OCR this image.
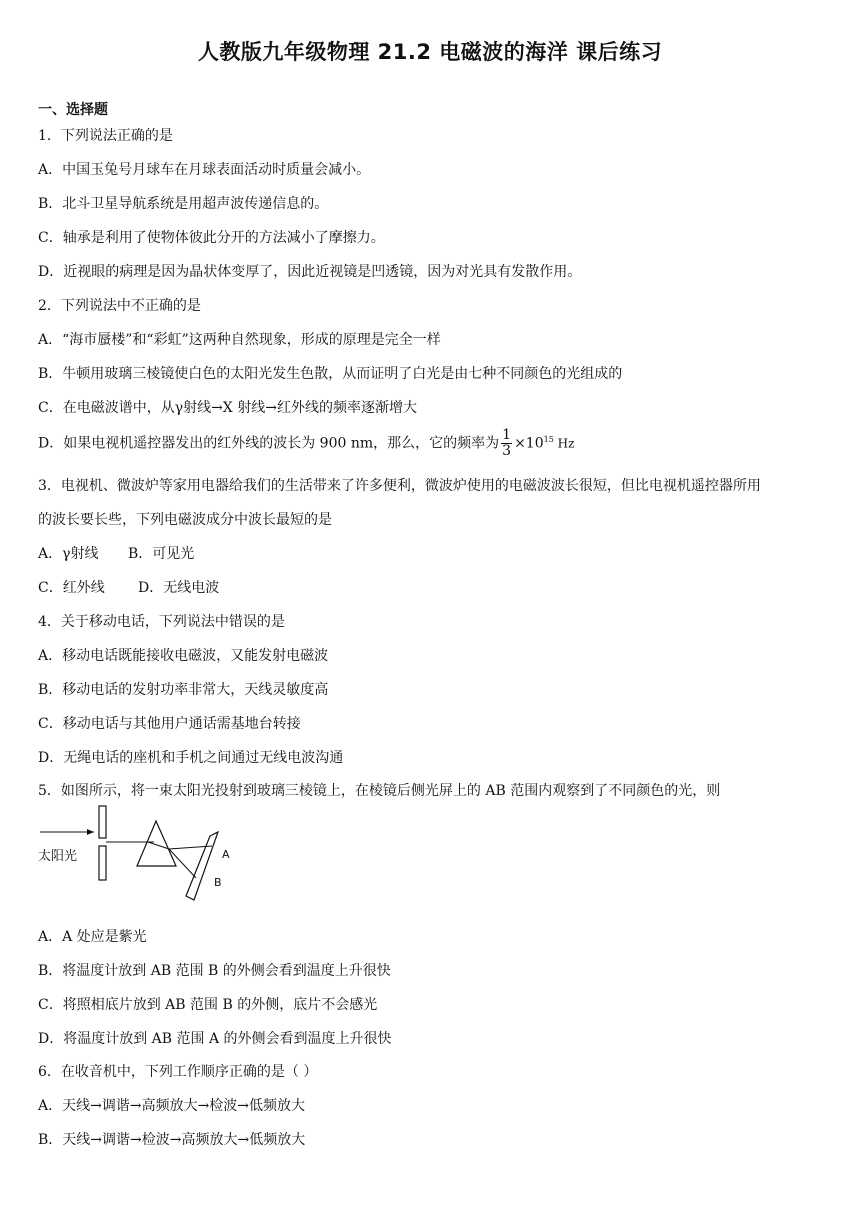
人教版九年级物理 21.2 电磁波的海洋 课后练习
一、选择题
1．下列说法正确的是
A．中国玉兔号月球车在月球表面活动时质量会减小。
B．北斗卫星导航系统是用超声波传递信息的。
C．轴承是利用了使物体彼此分开的方法减小了摩擦力。
D．近视眼的病理是因为晶状体变厚了，因此近视镜是凹透镜，因为对光具有发散作用。
2．下列说法中不正确的是
A．“海市蜃楼”和“彩虹”这两种自然现象，形成的原理是完全一样
B．牛顿用玻璃三棱镜使白色的太阳光发生色散，从而证明了白光是由七种不同颜色的光组成的
C．在电磁波谱中，从γ射线→X 射线→红外线的频率逐渐增大
D．如果电视机遥控器发出的红外线的波长为 900 nm，那么，它的频率为 $\frac{1}{3} \times 10^{15}$ Hz
3．电视机、微波炉等家用电器给我们的生活带来了许多便利，微波炉使用的电磁波波长很短，但比电视机遥控器所用
的波长要长些，下列电磁波成分中波长最短的是
A．γ射线 B．可见光
C．红外线 D．无线电波
4．关于移动电话，下列说法中错误的是
A．移动电话既能接收电磁波，又能发射电磁波
B．移动电话的发射功率非常大，天线灵敏度高
C．移动电话与其他用户通话需基地台转接
D．无绳电话的座机和手机之间通过无线电波沟通
5．如图所示，将一束太阳光投射到玻璃三棱镜上，在棱镜后侧光屏上的 AB 范围内观察到了不同颜色的光，则
太阳光	A
B
A．A 处应是紫光
B．将温度计放到 AB 范围 B 的外侧会看到温度上升很快
C．将照相底片放到 AB 范围 B 的外侧，底片不会感光
D．将温度计放到 AB 范围 A 的外侧会看到温度上升很快
6．在收音机中，下列工作顺序正确的是（ ）
A．天线→调谐→高频放大→检波→低频放大
B．天线→调谐→检波→高频放大→低频放大
